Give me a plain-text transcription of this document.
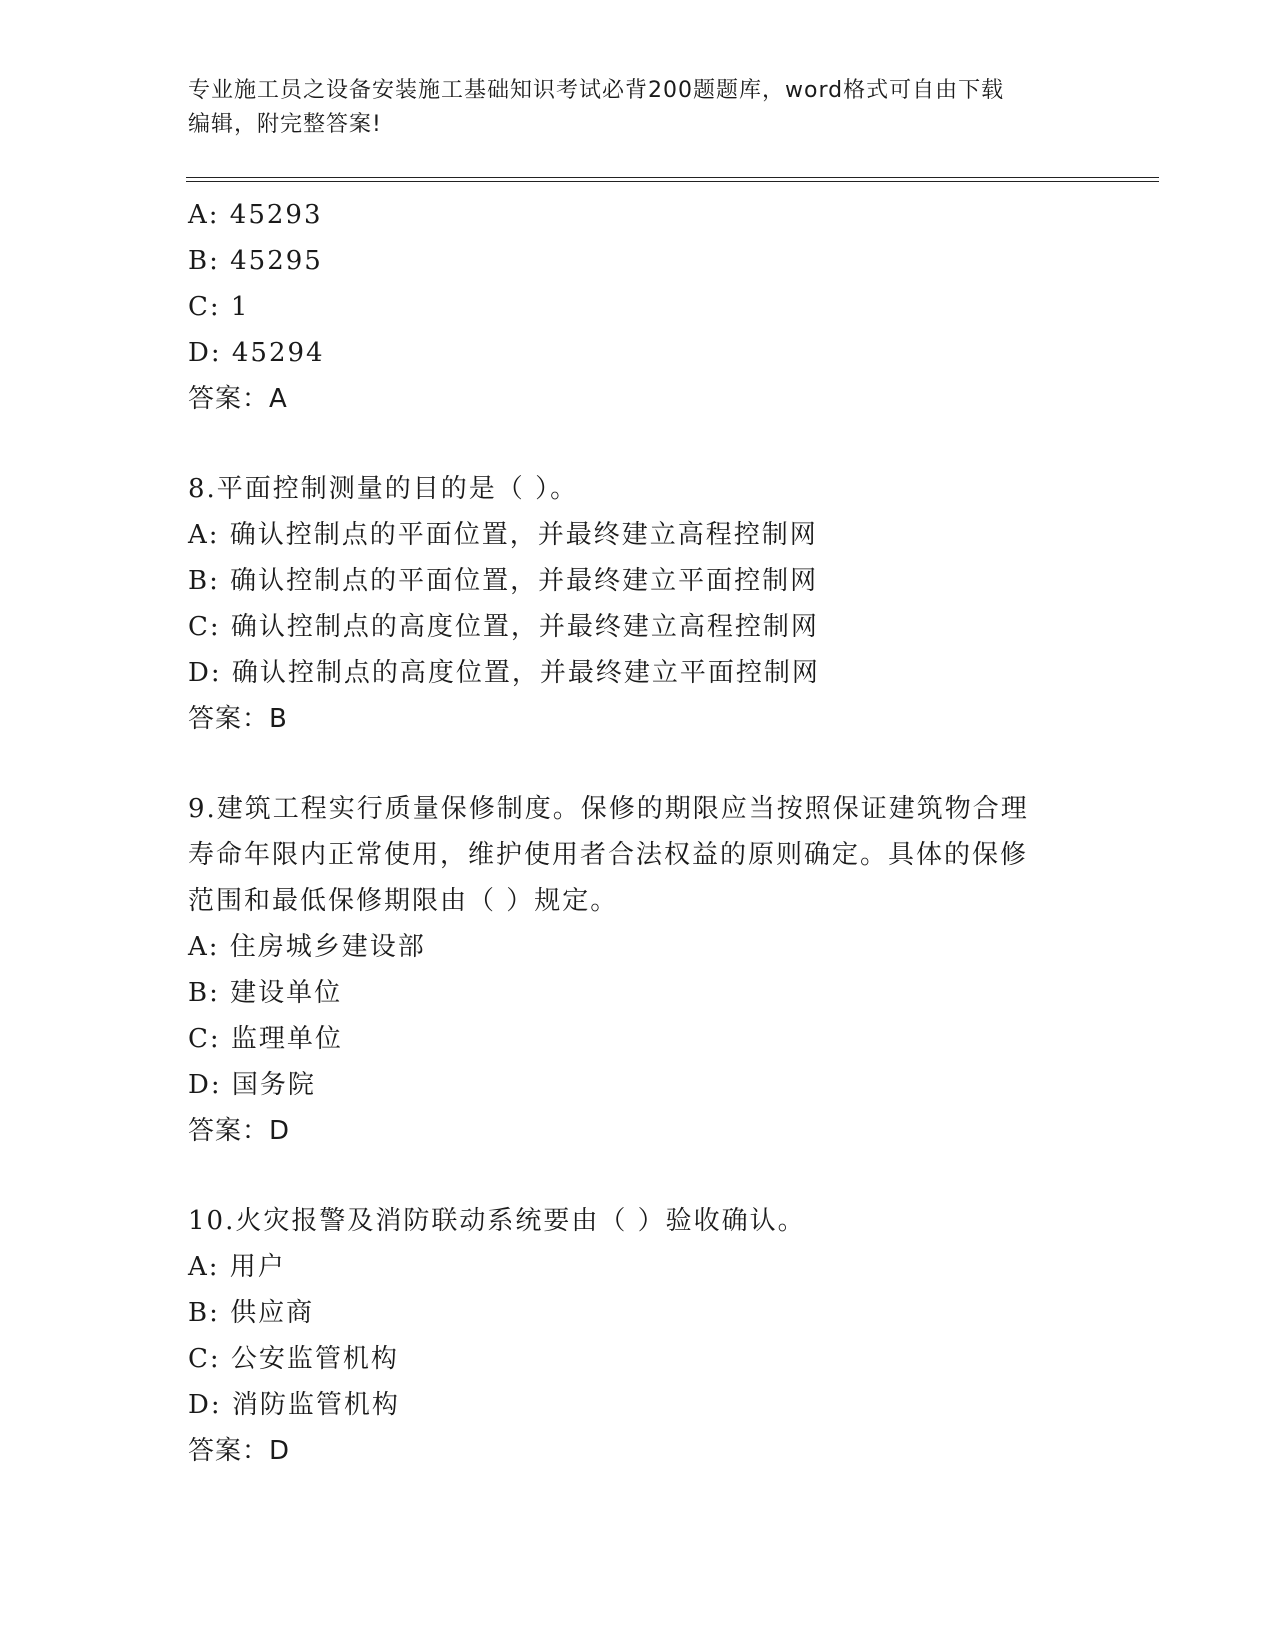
专业施工员之设备安装施工基础知识考试必背200题题库，word格式可自由下载
编辑，附完整答案!
A: 45293
B: 45295
C: 1
D: 45294
答案：A
8.平面控制测量的目的是（ ）。
A: 确认控制点的平面位置，并最终建立高程控制网
B: 确认控制点的平面位置，并最终建立平面控制网
C: 确认控制点的高度位置，并最终建立高程控制网
D: 确认控制点的高度位置，并最终建立平面控制网
答案：B
9.建筑工程实行质量保修制度。保修的期限应当按照保证建筑物合理
寿命年限内正常使用，维护使用者合法权益的原则确定。具体的保修
范围和最低保修期限由（ ）规定。
A: 住房城乡建设部
B: 建设单位
C: 监理单位
D: 国务院
答案：D
10.火灾报警及消防联动系统要由（ ）验收确认。
A: 用户
B: 供应商
C: 公安监管机构
D: 消防监管机构
答案：D
